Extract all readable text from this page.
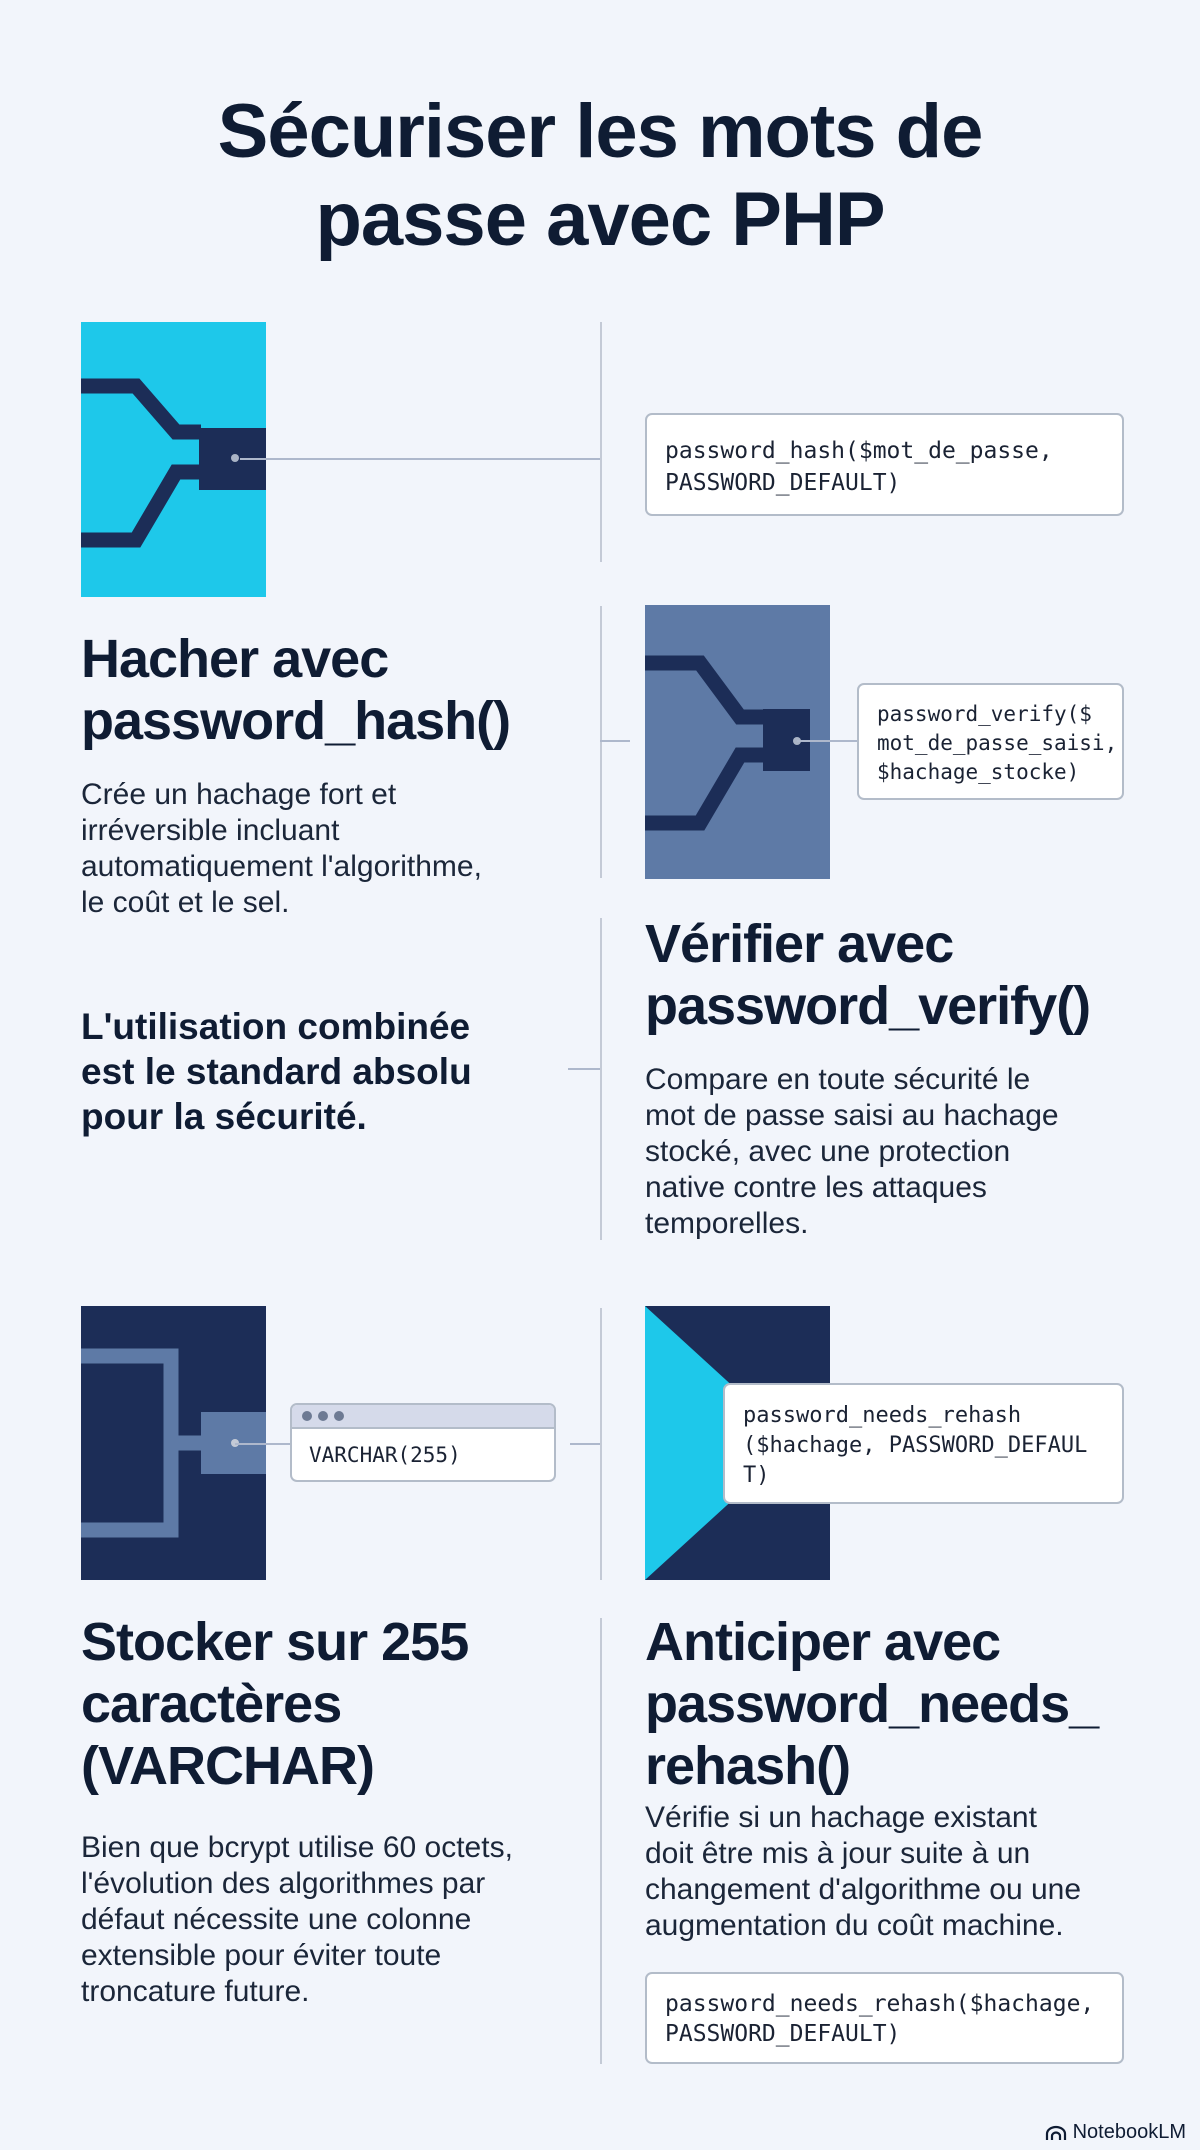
Sécuriser les mots de
passe avec PHP
password_hash($mot_de_passe,
PASSWORD_DEFAULT)
Hacher avec
password_hash()
Crée un hachage fort et
irréversible incluant
automatiquement l'algorithme,
le coût et le sel.
password_verify($
mot_de_passe_saisi,
$hachage_stocke)
Vérifier avec
password_verify()
Compare en toute sécurité le
mot de passe saisi au hachage
stocké, avec une protection
native contre les attaques
temporelles.
L'utilisation combinée
est le standard absolu
pour la sécurité.
VARCHAR(255)
Stocker sur 255
caractères
(VARCHAR)
Bien que bcrypt utilise 60 octets,
l'évolution des algorithmes par
défaut nécessite une colonne
extensible pour éviter toute
troncature future.
password_needs_rehash
($hachage, PASSWORD_DEFAUL
T)
Anticiper avec
password_needs_
rehash()
Vérifie si un hachage existant
doit être mis à jour suite à un
changement d'algorithme ou une
augmentation du coût machine.
password_needs_rehash($hachage,
PASSWORD_DEFAULT)
NotebookLM
